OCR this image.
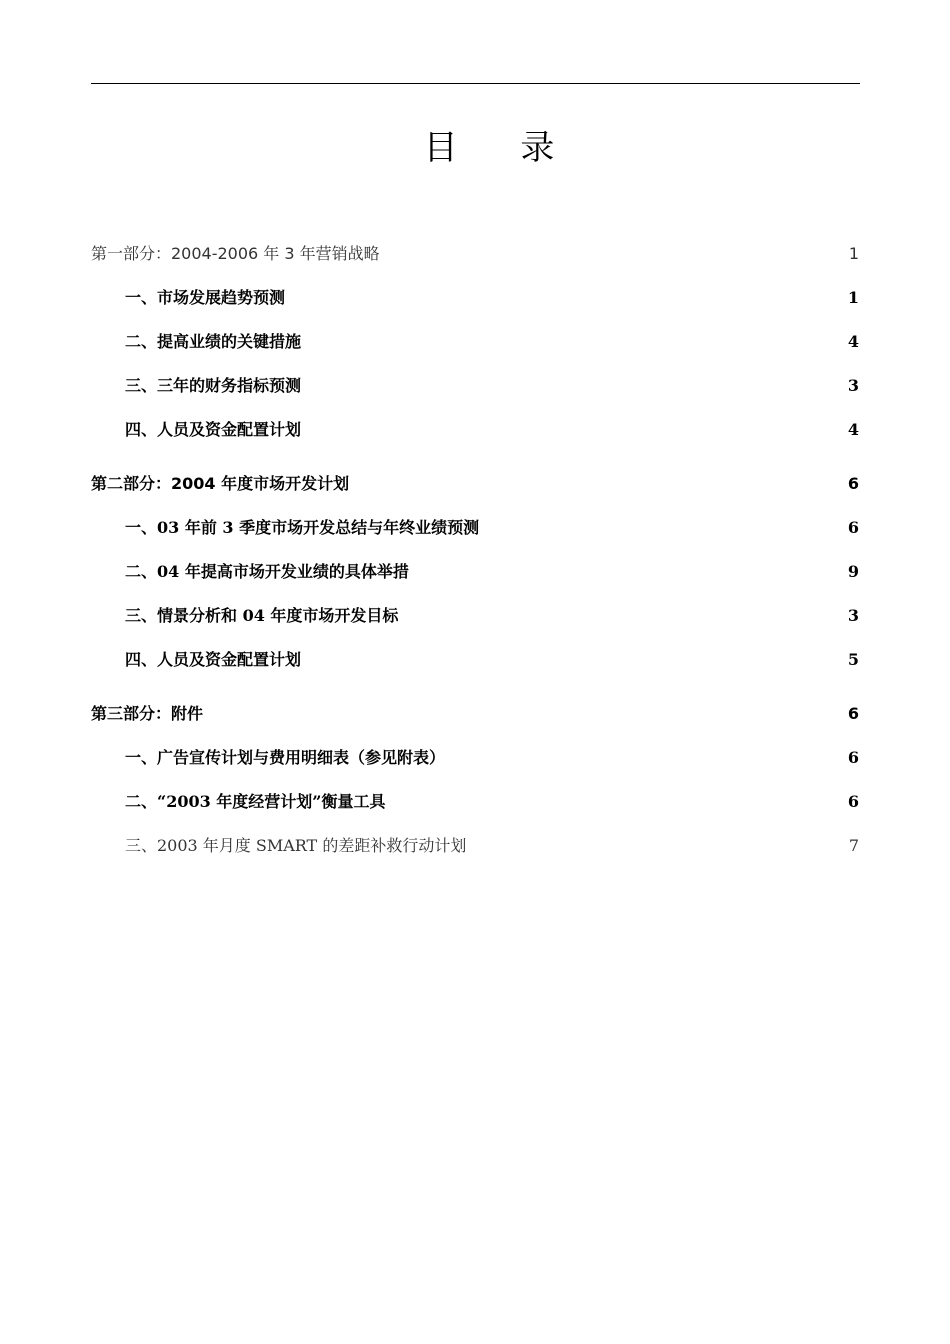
目 录
第一部分：2004-2006 年 3 年营销战略	1
一、市场发展趋势预测	1
二、提高业绩的关键措施	4
三、三年的财务指标预测	3
四、人员及资金配置计划	4
第二部分：2004 年度市场开发计划	6
一、03 年前 3 季度市场开发总结与年终业绩预测	6
二、04 年提高市场开发业绩的具体举措	9
三、情景分析和 04 年度市场开发目标	3
四、人员及资金配置计划	5
第三部分：附件	6
一、广告宣传计划与费用明细表（参见附表）	6
二、“2003 年度经营计划”衡量工具	6
三、2003 年月度 SMART 的差距补救行动计划	7
